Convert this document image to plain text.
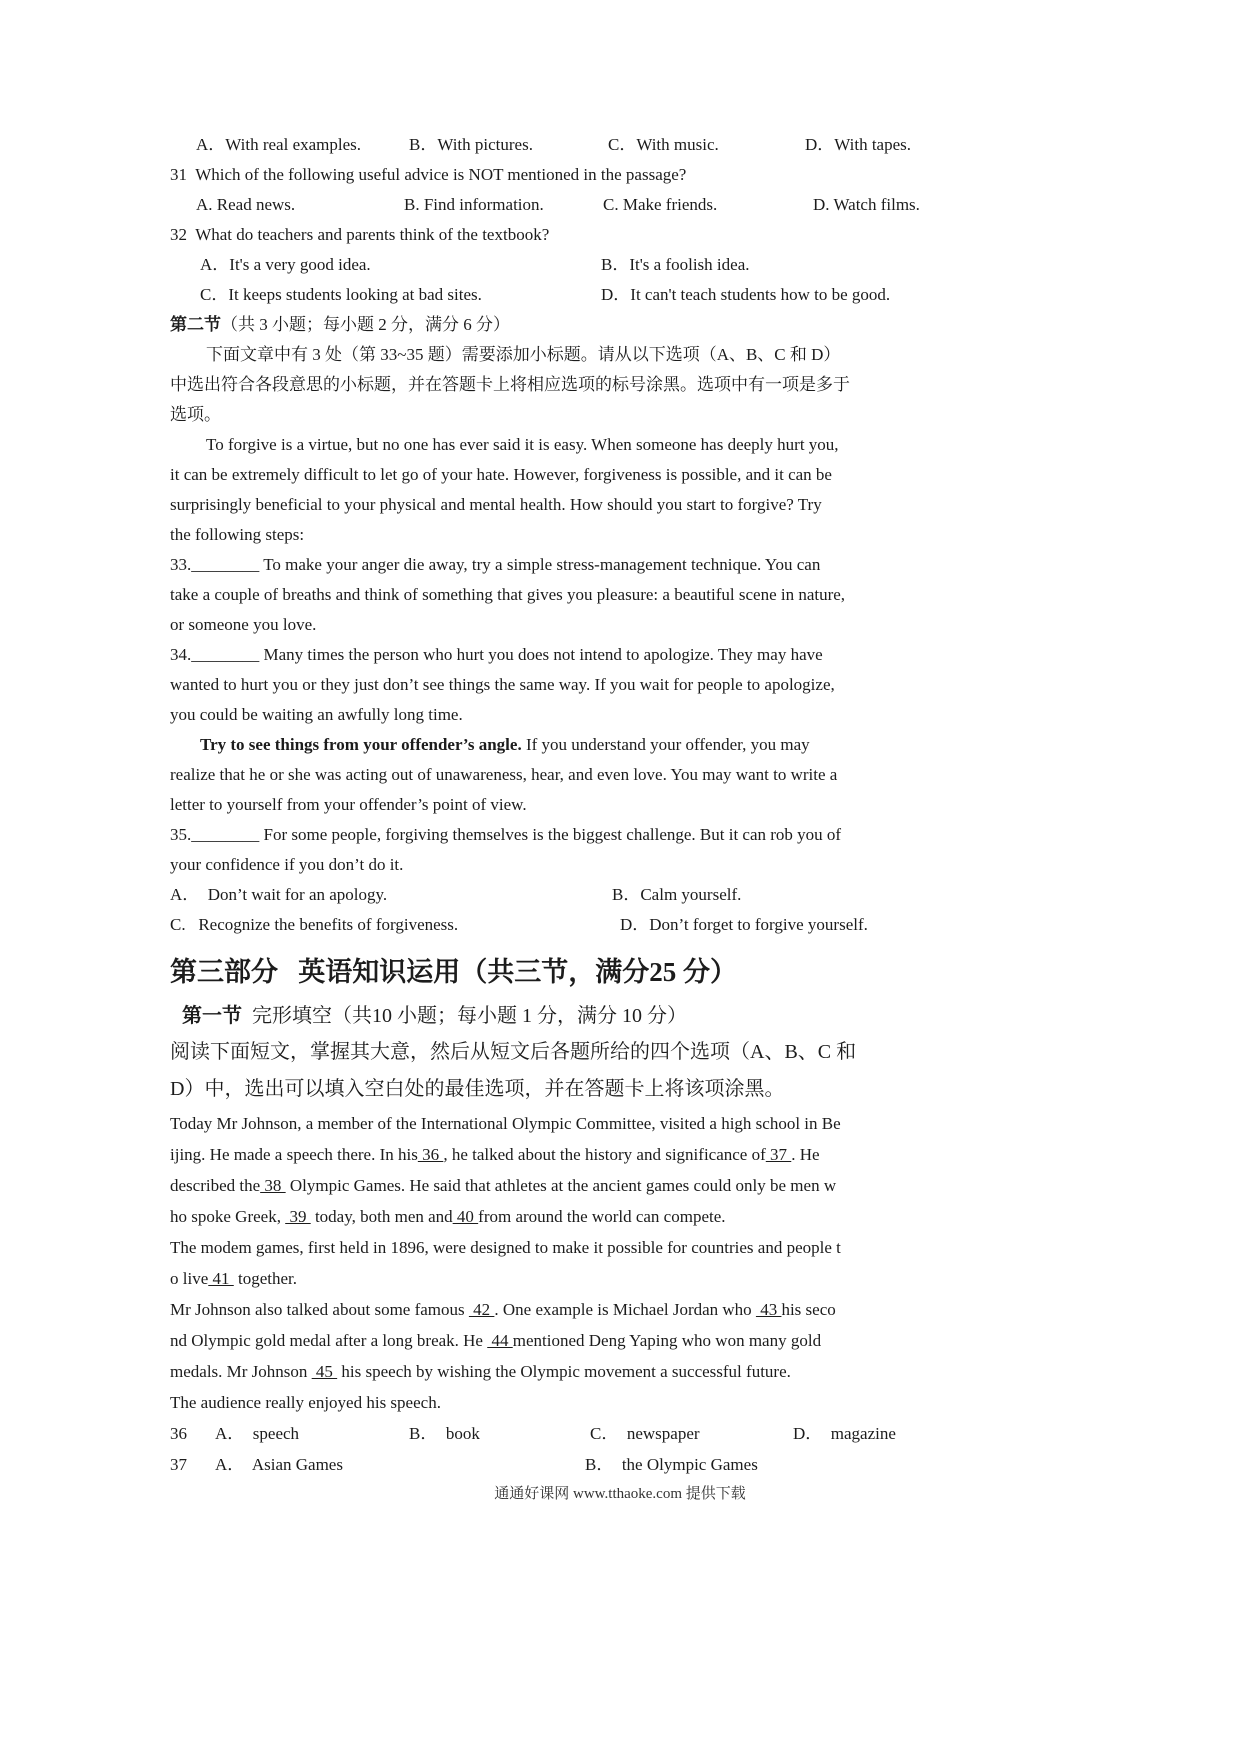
A．With real examples.	B．With pictures.	C．With music.	D．With tapes.
31  Which of the following useful advice is NOT mentioned in the passage?
A. Read news.	B. Find information.	C. Make friends.	D. Watch films.
32  What do teachers and parents think of the textbook?
A．It's a very good idea.	B．It's a foolish idea.
C．It keeps students looking at bad sites.	D．It can't teach students how to be good.
第二节（共 3 小题；每小题 2 分，满分 6 分）
下面文章中有 3 处（第 33~35 题）需要添加小标题。请从以下选项（A、B、C 和 D）
中选出符合各段意思的小标题，并在答题卡上将相应选项的标号涂黑。选项中有一项是多于
选项。
To forgive is a virtue, but no one has ever said it is easy. When someone has deeply hurt you,
it can be extremely difficult to let go of your hate. However, forgiveness is possible, and it can be
surprisingly beneficial to your physical and mental health. How should you start to forgive? Try
the following steps:
33.________ To make your anger die away, try a simple stress-management technique. You can
take a couple of breaths and think of something that gives you pleasure: a beautiful scene in nature,
or someone you love.
34.________ Many times the person who hurt you does not intend to apologize. They may have
wanted to hurt you or they just don’t see things the same way. If you wait for people to apologize,
you could be waiting an awfully long time.
Try to see things from your offender’s angle. If you understand your offender, you may
realize that he or she was acting out of unawareness, hear, and even love. You may want to write a
letter to yourself from your offender’s point of view.
35.________ For some people, forgiving themselves is the biggest challenge. But it can rob you of
your confidence if you don’t do it.
A．  Don’t wait for an apology.	B．Calm yourself.
C.   Recognize the benefits of forgiveness.	D．Don’t forget to forgive yourself.
第三部分   英语知识运用（共三节，满分25 分）
第一节  完形填空（共10 小题；每小题 1 分，满分 10 分）
阅读下面短文，掌握其大意，然后从短文后各题所给的四个选项（A、B、C 和
D）中，选出可以填入空白处的最佳选项，并在答题卡上将该项涂黑。
Today Mr Johnson, a member of the International Olympic Committee, visited a high school in Be
ijing. He made a speech there. In his 36 , he talked about the history and significance of 37 . He
described the 38  Olympic Games. He said that athletes at the ancient games could only be men w
ho spoke Greek,  39  today, both men and 40 from around the world can compete.
The modem games, first held in 1896, were designed to make it possible for countries and people t
o live 41  together.
Mr Johnson also talked about some famous  42 . One example is Michael Jordan who  43 his seco
nd Olympic gold medal after a long break. He  44 mentioned Deng Yaping who won many gold
medals. Mr Johnson  45  his speech by wishing the Olympic movement a successful future.
The audience really enjoyed his speech.
36 A．  speech	B．  book	C．  newspaper	D．  magazine
37 A．  Asian Games	B．  the Olympic Games
通通好课网 www.tthaoke.com 提供下载
